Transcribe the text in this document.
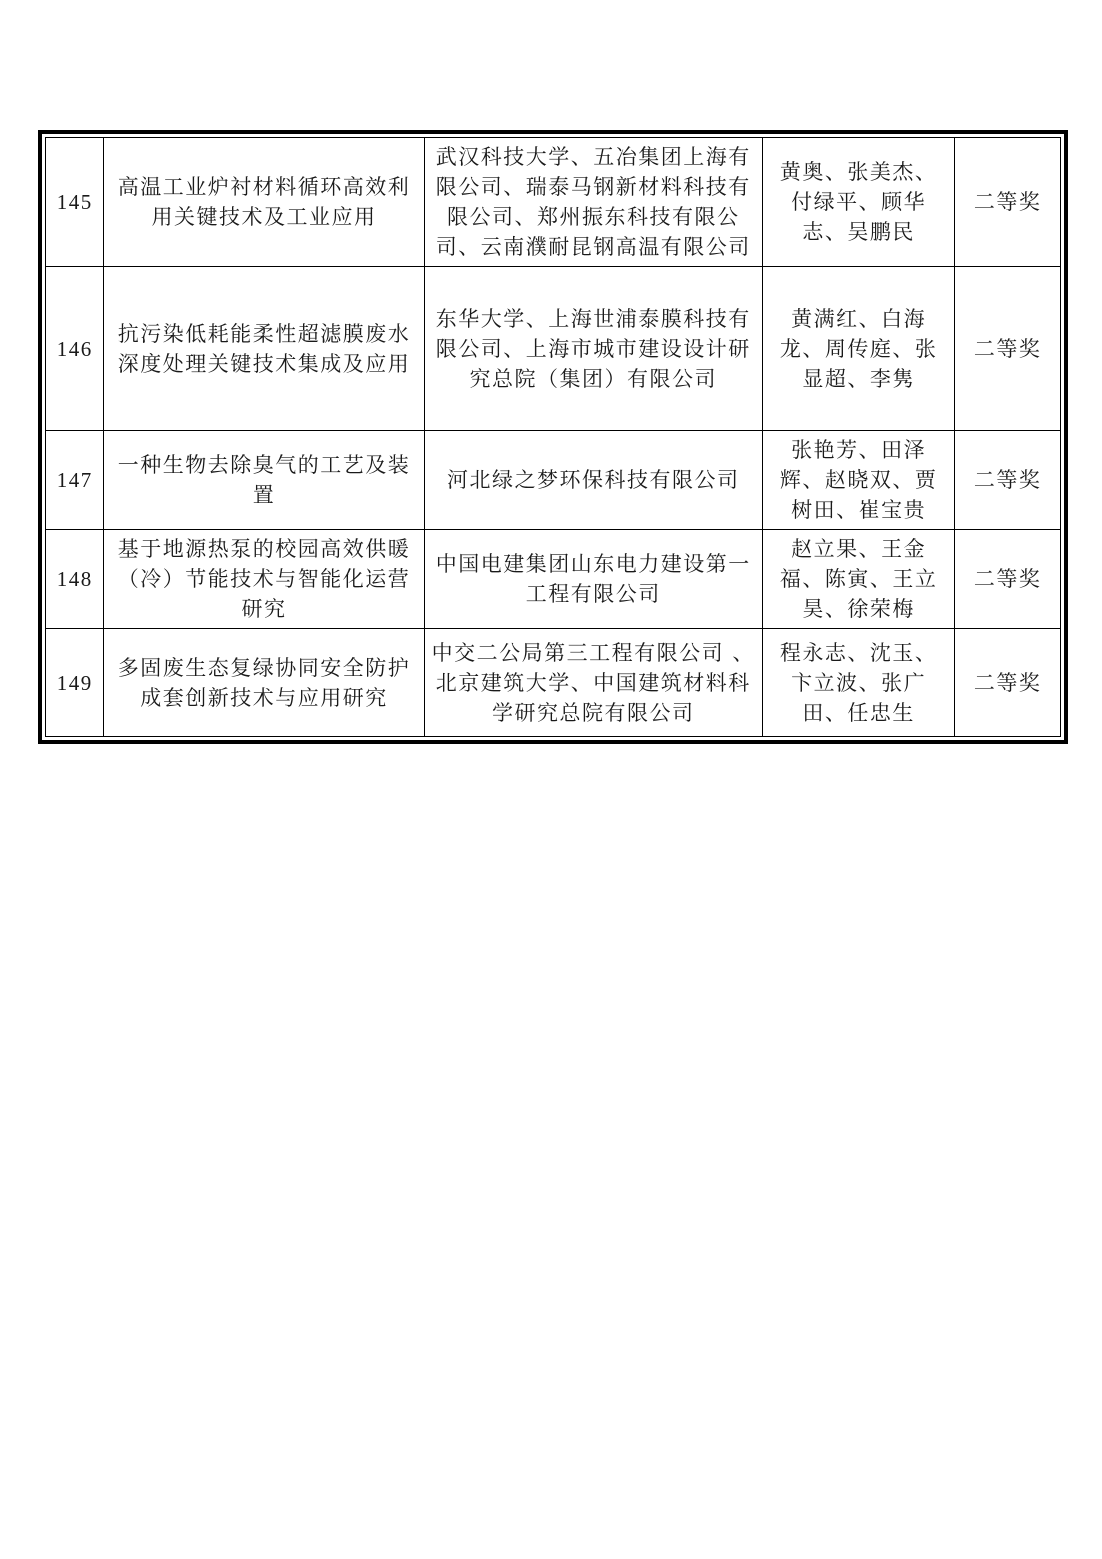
145	高温工业炉衬材料循环高效利用关键技术及工业应用	武汉科技大学、五冶集团上海有限公司、瑞泰马钢新材料科技有限公司、郑州振东科技有限公司、云南濮耐昆钢高温有限公司	黄奥、张美杰、付绿平、顾华志、吴鹏民	二等奖
146	抗污染低耗能柔性超滤膜废水深度处理关键技术集成及应用	东华大学、上海世浦泰膜科技有限公司、上海市城市建设设计研究总院（集团）有限公司	黄满红、白海龙、周传庭、张显超、李隽	二等奖
147	一种生物去除臭气的工艺及装置	河北绿之梦环保科技有限公司	张艳芳、田泽辉、赵晓双、贾树田、崔宝贵	二等奖
148	基于地源热泵的校园高效供暖（冷）节能技术与智能化运营研究	中国电建集团山东电力建设第一工程有限公司	赵立果、王金福、陈寅、王立昊、徐荣梅	二等奖
149	多固废生态复绿协同安全防护成套创新技术与应用研究	中交二公局第三工程有限公司 、北京建筑大学、中国建筑材料科学研究总院有限公司	程永志、沈玉、卞立波、张广田、任忠生	二等奖
